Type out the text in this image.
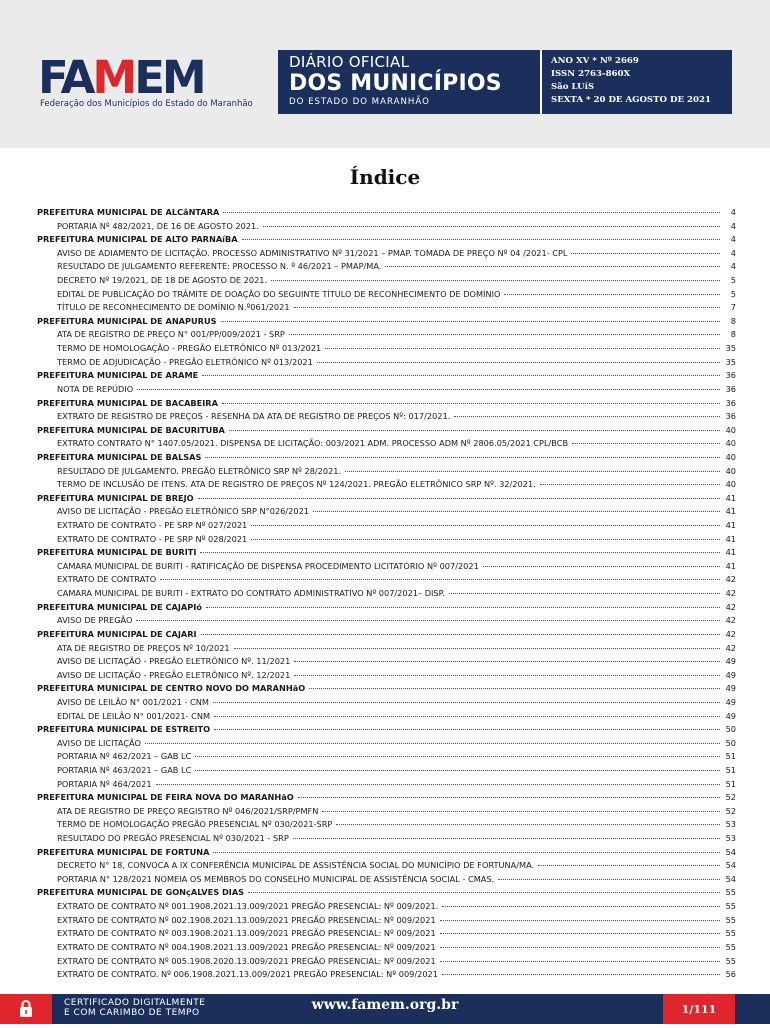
FAMEM
Federação dos Municípios do Estado do Maranhão
DIÁRIO OFICIAL
DOS MUNICÍPIOS
DO ESTADO DO MARANHÃO
ANO XV * Nº 2669
ISSN 2763-860X
São LUíS
SEXTA * 20 DE AGOSTO DE 2021
Índice
PREFEITURA MUNICIPAL DE ALCâNTARA	4
PORTARIA Nº 482/2021, DE 16 DE AGOSTO 2021.	4
PREFEITURA MUNICIPAL DE ALTO PARNAíBA	4
AVISO DE ADIAMENTO DE LICITAÇÃO. PROCESSO ADMINISTRATIVO Nº 31/2021 – PMAP. TOMADA DE PREÇO Nº 04 /2021- CPL	4
RESULTADO DE JULGAMENTO REFERENTE: PROCESSO N. º 46/2021 – PMAP/MA.	4
DECRETO Nº 19/2021, DE 18 DE AGOSTO DE 2021.	5
EDITAL DE PUBLICAÇÃO DO TRÂMITE DE DOAÇÃO DO SEGUINTE TÍTULO DE RECONHECIMENTO DE DOMÍNIO	5
TÍTULO DE RECONHECIMENTO DE DOMÍNIO N.º061/2021	7
PREFEITURA MUNICIPAL DE ANAPURUS	8
ATA DE REGISTRO DE PREÇO N° 001/PP/009/2021 - SRP	8
TERMO DE HOMOLOGAÇÃO - PREGÃO ELETRÔNICO Nº 013/2021	35
TERMO DE ADJUDICAÇÃO - PREGÃO ELETRÔNICO Nº 013/2021	35
PREFEITURA MUNICIPAL DE ARAME	36
NOTA DE REPÚDIO	36
PREFEITURA MUNICIPAL DE BACABEIRA	36
EXTRATO DE REGISTRO DE PREÇOS - RESENHA DA ATA DE REGISTRO DE PREÇOS Nº: 017/2021.	36
PREFEITURA MUNICIPAL DE BACURITUBA	40
EXTRATO CONTRATO N° 1407.05/2021. DISPENSA DE LICITAÇÃO: 003/2021 ADM. PROCESSO ADM Nº 2806.05/2021 CPL/BCB	40
PREFEITURA MUNICIPAL DE BALSAS	40
RESULTADO DE JULGAMENTO. PREGÃO ELETRÔNICO SRP Nº 28/2021.	40
TERMO DE INCLUSÃO DE ITENS. ATA DE REGISTRO DE PREÇOS Nº 124/2021. PREGÃO ELETRÔNICO SRP Nº. 32/2021.	40
PREFEITURA MUNICIPAL DE BREJO	41
AVISO DE LICITAÇÃO - PREGÃO ELETRÔNICO SRP N°026/2021	41
EXTRATO DE CONTRATO - PE SRP Nº 027/2021	41
EXTRATO DE CONTRATO - PE SRP Nº 028/2021	41
PREFEITURA MUNICIPAL DE BURITI	41
CAMARA MUNICIPAL DE BURITI - RATIFICAÇÃO DE DISPENSA PROCEDIMENTO LICITATÓRIO Nº 007/2021	41
EXTRATO DE CONTRATO	42
CAMARA MUNICIPAL DE BURITI - EXTRATO DO CONTRATO ADMINISTRATIVO Nº 007/2021– DISP.	42
PREFEITURA MUNICIPAL DE CAJAPIó	42
AVISO DE PREGÃO	42
PREFEITURA MUNICIPAL DE CAJARI	42
ATA DE REGISTRO DE PREÇOS Nº 10/2021	42
AVISO DE LICITAÇÃO - PREGÃO ELETRÔNICO Nº. 11/2021	49
AVISO DE LICITAÇÃO - PREGÃO ELETRÔNICO Nº. 12/2021	49
PREFEITURA MUNICIPAL DE CENTRO NOVO DO MARANHãO	49
AVISO DE LEILÃO N° 001/2021 - CNM	49
EDITAL DE LEILÃO N° 001/2021- CNM	49
PREFEITURA MUNICIPAL DE ESTREITO	50
AVISO DE LICITAÇÃO	50
PORTARIA Nº 462/2021 – GAB LC	51
PORTARIA Nº 463/2021 – GAB LC	51
PORTARIA Nº 464/2021	51
PREFEITURA MUNICIPAL DE FEIRA NOVA DO MARANHãO	52
ATA DE REGISTRO DE PREÇO REGISTRO Nº 046/2021/SRP/PMFN	52
TERMO DE HOMOLOGAÇÃO PREGÃO PRESENCIAL Nº 030/2021-SRP	53
RESULTADO DO PREGÃO PRESENCIAL Nº 030/2021 - SRP	53
PREFEITURA MUNICIPAL DE FORTUNA	54
DECRETO N° 18, CONVOCA A IX CONFERÊNCIA MUNICIPAL DE ASSISTÊNCIA SOCIAL DO MUNICÍPIO DE FORTUNA/MA.	54
PORTARIA N° 128/2021 NOMEIA OS MEMBROS DO CONSELHO MUNICIPAL DE ASSISTÊNCIA SOCIAL - CMAS.	54
PREFEITURA MUNICIPAL DE GONçALVES DIAS	55
EXTRATO DE CONTRATO Nº 001.1908.2021.13.009/2021 PREGÃO PRESENCIAL: Nº 009/2021.	55
EXTRATO DE CONTRATO Nº 002.1908.2021.13.009/2021 PREGÃO PRESENCIAL: Nº 009/2021	55
EXTRATO DE CONTRATO Nº 003.1908.2021.13.009/2021 PREGÃO PRESENCIAL: Nº 009/2021	55
EXTRATO DE CONTRATO Nº 004.1908.2021.13.009/2021 PREGÃO PRESENCIAL: Nº 009/2021	55
EXTRATO DE CONTRATO Nº 005.1908.2020.13.009/2021 PREGÃO PRESENCIAL: Nº 009/2021	55
EXTRATO DE CONTRATO. Nº 006.1908.2021.13.009/2021 PREGÃO PRESENCIAL: Nº 009/2021	56
CERTIFICADO DIGITALMENTE
E COM CARIMBO DE TEMPO	www.famem.org.br	1/111
